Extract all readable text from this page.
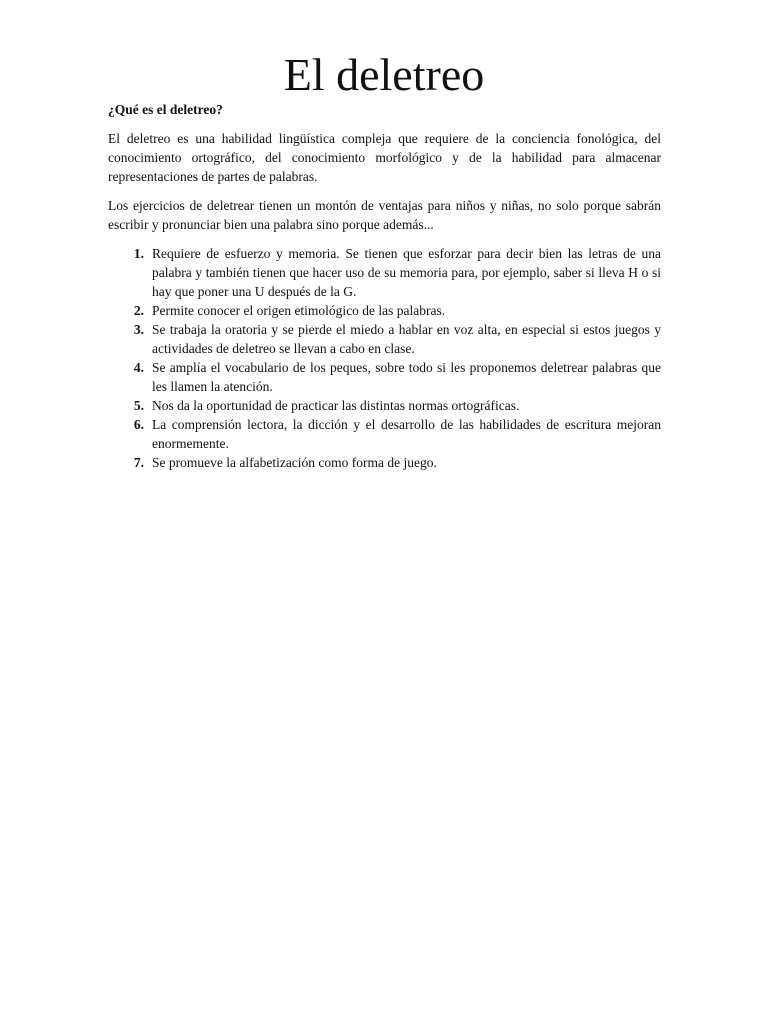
El deletreo

¿Qué es el deletreo?

El deletreo es una habilidad lingüística compleja que requiere de la conciencia fonológica, del conocimiento ortográfico, del conocimiento morfológico y de la habilidad para almacenar representaciones de partes de palabras.

Los ejercicios de deletrear tienen un montón de ventajas para niños y niñas, no solo porque sabrán escribir y pronunciar bien una palabra sino porque además...

1. Requiere de esfuerzo y memoria. Se tienen que esforzar para decir bien las letras de una palabra y también tienen que hacer uso de su memoria para, por ejemplo, saber si lleva H o si hay que poner una U después de la G.
2. Permite conocer el origen etimológico de las palabras.
3. Se trabaja la oratoria y se pierde el miedo a hablar en voz alta, en especial si estos juegos y actividades de deletreo se llevan a cabo en clase.
4. Se amplía el vocabulario de los peques, sobre todo si les proponemos deletrear palabras que les llamen la atención.
5. Nos da la oportunidad de practicar las distintas normas ortográficas.
6. La comprensión lectora, la dicción y el desarrollo de las habilidades de escritura mejoran enormemente.
7. Se promueve la alfabetización como forma de juego.
